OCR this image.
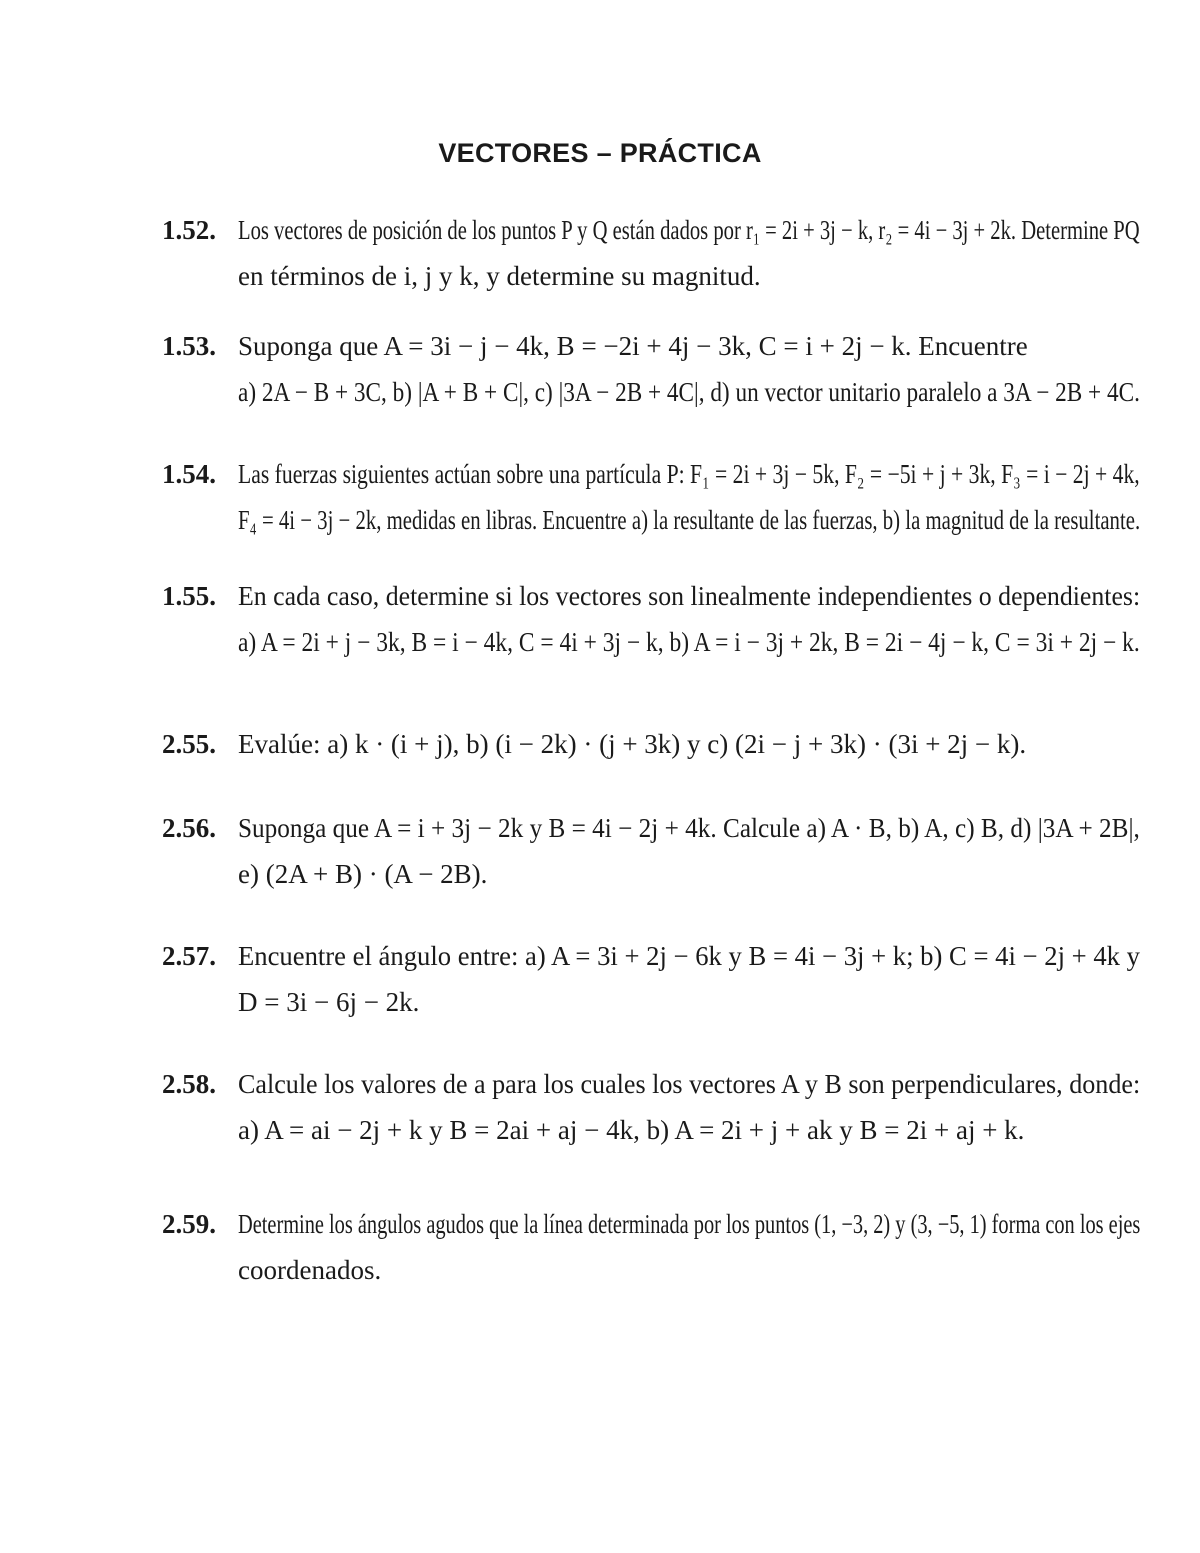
VECTORES – PRÁCTICA
1.52. Los vectores de posición de los puntos P y Q están dados por r₁ = 2i + 3j − k, r₂ = 4i − 3j + 2k. Determine PQ
en términos de i, j y k, y determine su magnitud.
1.53. Suponga que A = 3i − j − 4k, B = −2i + 4j − 3k, C = i + 2j − k. Encuentre
a) 2A − B + 3C, b) |A + B + C|, c) |3A − 2B + 4C|, d) un vector unitario paralelo a 3A − 2B + 4C.
1.54. Las fuerzas siguientes actúan sobre una partícula P: F₁ = 2i + 3j − 5k, F₂ = −5i + j + 3k, F₃ = i − 2j + 4k,
F₄ = 4i − 3j − 2k, medidas en libras. Encuentre a) la resultante de las fuerzas, b) la magnitud de la resultante.
1.55. En cada caso, determine si los vectores son linealmente independientes o dependientes:
a) A = 2i + j − 3k, B = i − 4k, C = 4i + 3j − k, b) A = i − 3j + 2k, B = 2i − 4j − k, C = 3i + 2j − k.
2.55. Evalúe: a) k · (i + j), b) (i − 2k) · (j + 3k) y c) (2i − j + 3k) · (3i + 2j − k).
2.56. Suponga que A = i + 3j − 2k y B = 4i − 2j + 4k. Calcule a) A · B, b) A, c) B, d) |3A + 2B|,
e) (2A + B) · (A − 2B).
2.57. Encuentre el ángulo entre: a) A = 3i + 2j − 6k y B = 4i − 3j + k; b) C = 4i − 2j + 4k y
D = 3i − 6j − 2k.
2.58. Calcule los valores de a para los cuales los vectores A y B son perpendiculares, donde:
a) A = ai − 2j + k y B = 2ai + aj − 4k, b) A = 2i + j + ak y B = 2i + aj + k.
2.59. Determine los ángulos agudos que la línea determinada por los puntos (1, −3, 2) y (3, −5, 1) forma con los ejes
coordenados.
